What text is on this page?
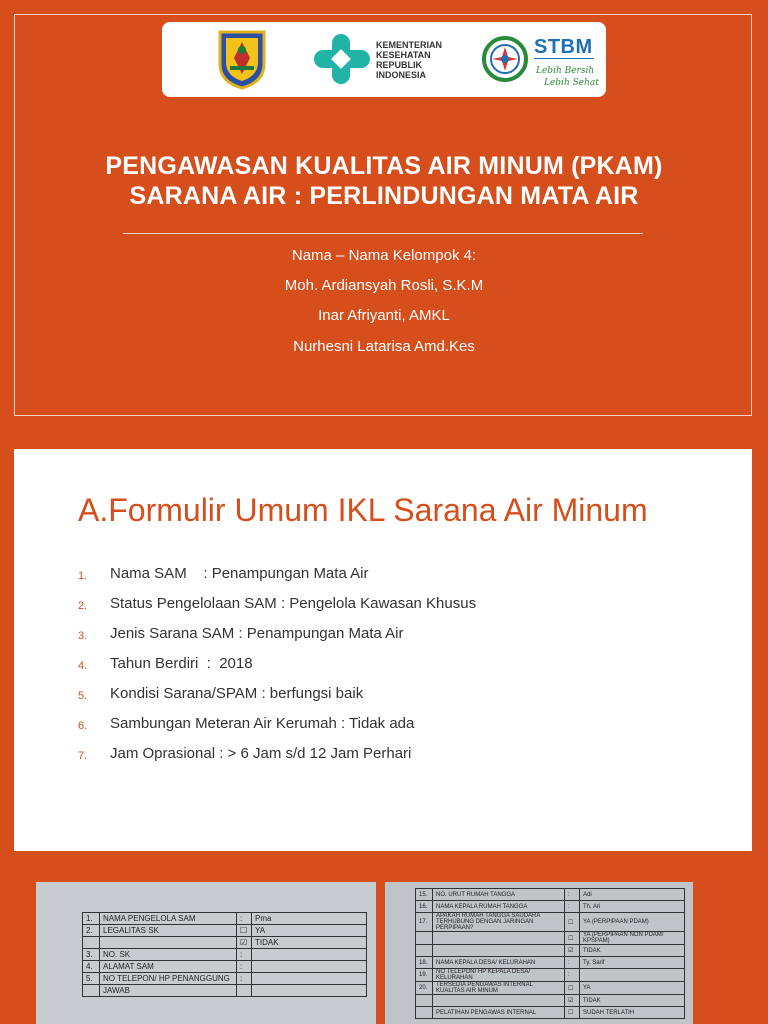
KEMENTERIAN
KESEHATAN
REPUBLIK
INDONESIA
STBM
Lebih Bersih
Lebih Sehat
PENGAWASAN KUALITAS AIR MINUM (PKAM)
SARANA AIR : PERLINDUNGAN MATA AIR
Nama – Nama Kelompok 4:
Moh. Ardiansyah Rosli, S.K.M
Inar Afriyanti, AMKL
Nurhesni Latarisa Amd.Kes
A.Formulir Umum IKL Sarana Air Minum
1.	Nama SAM    : Penampungan Mata Air
2.	Status Pengelolaan SAM : Pengelola Kawasan Khusus
3.	Jenis Sarana SAM : Penampungan Mata Air
4.	Tahun Berdiri  :  2018
5.	Kondisi Sarana/SPAM : berfungsi baik
6.	Sambungan Meteran Air Kerumah : Tidak ada
7.	Jam Oprasional : > 6 Jam s/d 12 Jam Perhari
1.	NAMA PENGELOLA SAM	:	Pma
2.	LEGALITAS SK	☐	YA
		☑	TIDAK
3.	NO. SK	:	
4.	ALAMAT SAM	:	
5.	NO TELEPON/ HP PENANGGUNG	:	
	JAWAB		
15.	NO. URUT RUMAH TANGGA	:	Adi
16.	NAMA KEPALA RUMAH TANGGA	:	Th. Ari
17.	APAKAH RUMAH TANGGA SAUDARA TERHUBUNG DENGAN JARINGAN PERPIPAAN?	☐	YA (PERPIPAAN PDAM)
		☐	YA (PERPIPAAN NON PDAM/ KPSPAM)
		☑	TIDAK
18.	NAMA KEPALA DESA/ KELURAHAN	:	Ty. Sarif
19.	NO TELEPON/ HP KEPALA DESA/ KELURAHAN	:	
20.	TERSEDIA PENGAWAS INTERNAL KUALITAS AIR MINUM	☐	YA
		☑	TIDAK
	PELATIHAN PENGAWAS INTERNAL	☐	SUDAH TERLATIH
